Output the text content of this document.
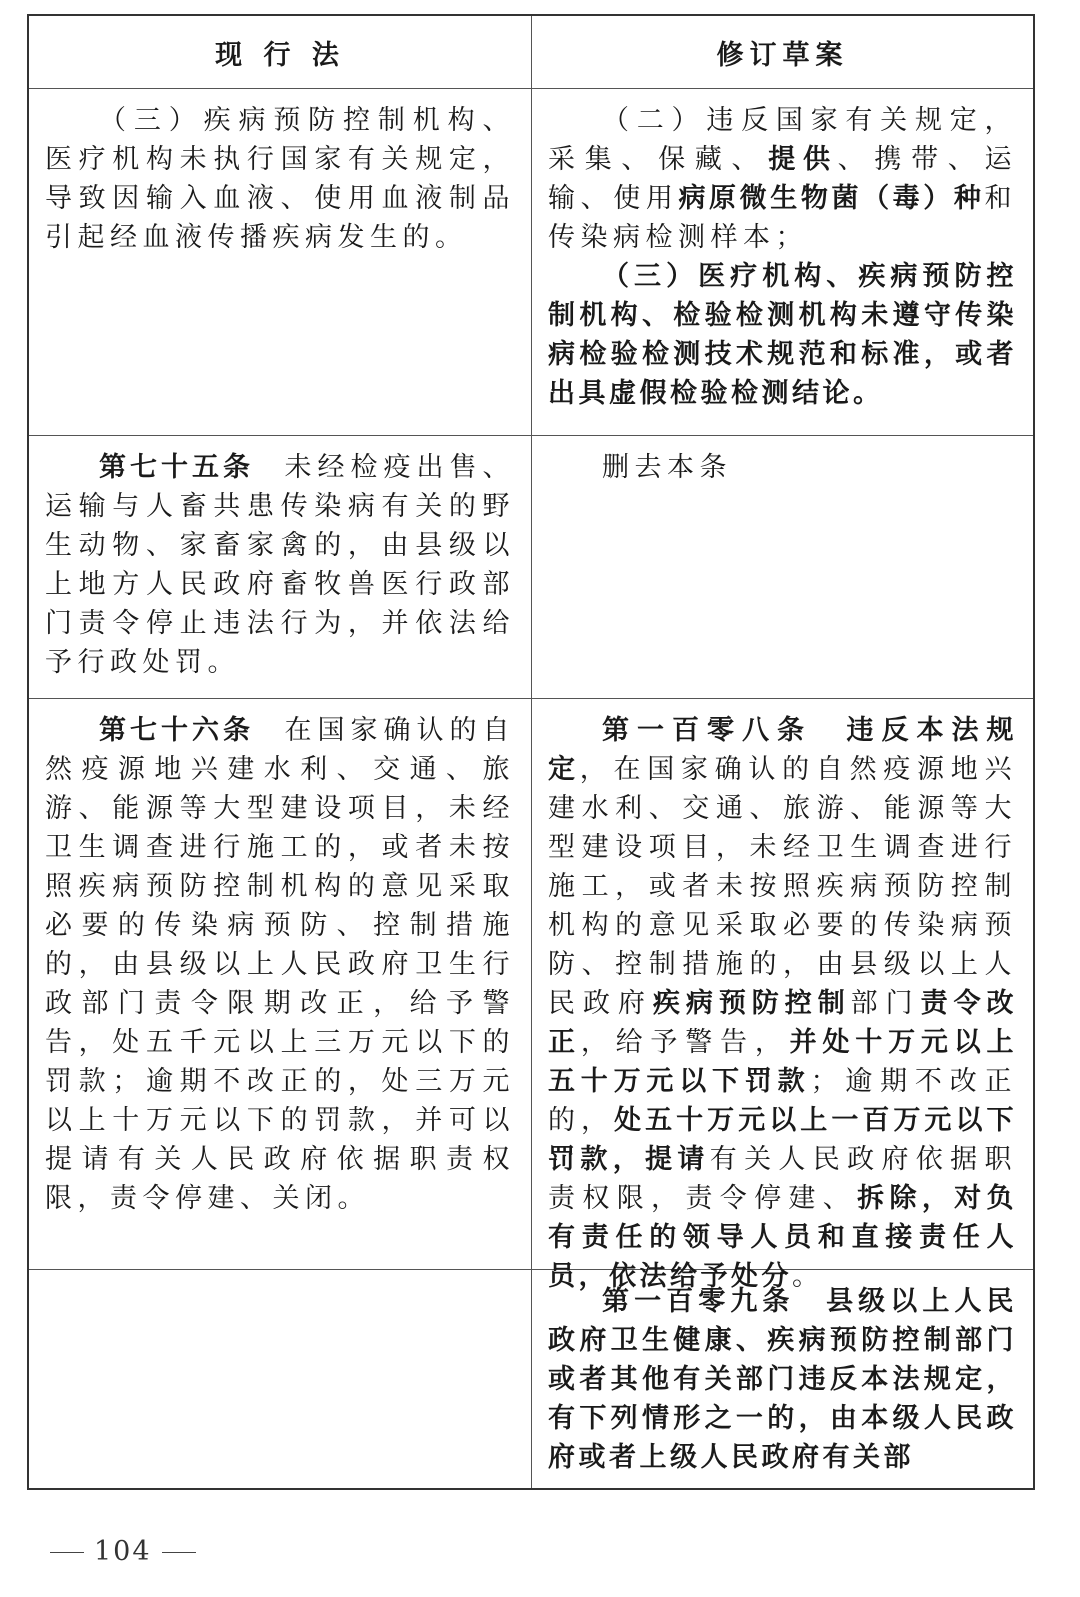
现 行 法	修订草案

（三）疾病预防控制机构、医疗机构未执行国家有关规定，导致因输入血液、使用血液制品引起经血液传播疾病发生的。

（二）违反国家有关规定，采集、保藏、提供、携带、运输、使用病原微生物菌（毒）种和传染病检测样本；

（三）医疗机构、疾病预防控制机构、检验检测机构未遵守传染病检验检测技术规范和标准，或者出具虚假检验检测结论。

第七十五条 未经检疫出售、运输与人畜共患传染病有关的野生动物、家畜家禽的，由县级以上地方人民政府畜牧兽医行政部门责令停止违法行为，并依法给予行政处罚。

删去本条

第七十六条 在国家确认的自然疫源地兴建水利、交通、旅游、能源等大型建设项目，未经卫生调查进行施工的，或者未按照疾病预防控制机构的意见采取必要的传染病预防、控制措施的，由县级以上人民政府卫生行政部门责令限期改正，给予警告，处五千元以上三万元以下的罚款；逾期不改正的，处三万元以上十万元以下的罚款，并可以提请有关人民政府依据职责权限，责令停建、关闭。

第一百零八条 违反本法规定，在国家确认的自然疫源地兴建水利、交通、旅游、能源等大型建设项目，未经卫生调查进行施工，或者未按照疾病预防控制机构的意见采取必要的传染病预防、控制措施的，由县级以上人民政府疾病预防控制部门责令改正，给予警告，并处十万元以上五十万元以下罚款；逾期不改正的，处五十万元以上一百万元以下罚款，提请有关人民政府依据职责权限，责令停建、拆除，对负有责任的领导人员和直接责任人员，依法给予处分。

第一百零九条 县级以上人民政府卫生健康、疾病预防控制部门或者其他有关部门违反本法规定，有下列情形之一的，由本级人民政府或者上级人民政府有关部

104
